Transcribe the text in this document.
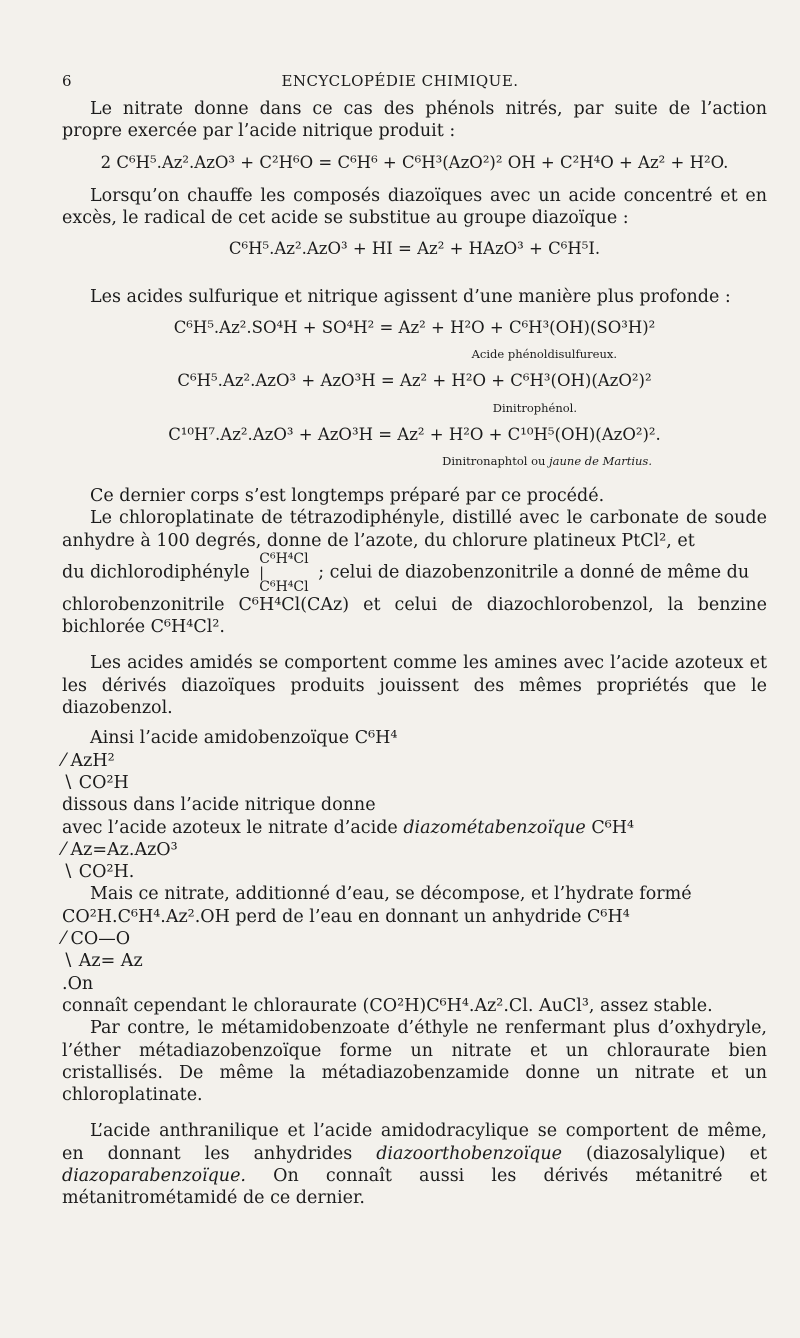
6	ENCYCLOPÉDIE CHIMIQUE.

Le nitrate donne dans ce cas des phénols nitrés, par suite de l’action propre exercée par l’acide nitrique produit :

2 C⁶H⁵.Az².AzO³ + C²H⁶O = C⁶H⁶ + C⁶H³(AzO²)² OH + C²H⁴O + Az² + H²O.

Lorsqu’on chauffe les composés diazoïques avec un acide concentré et en excès, le radical de cet acide se substitue au groupe diazoïque :

C⁶H⁵.Az².AzO³ + HI = Az² + HAzO³ + C⁶H⁵I.

Les acides sulfurique et nitrique agissent d’une manière plus profonde :

C⁶H⁵.Az².SO⁴H + SO⁴H² = Az² + H²O + C⁶H³(OH)(SO³H)²
Acide phénoldisulfureux.
C⁶H⁵.Az².AzO³ + AzO³H = Az² + H²O + C⁶H³(OH)(AzO²)²
Dinitrophénol.
C¹⁰H⁷.Az².AzO³ + AzO³H = Az² + H²O + C¹⁰H⁵(OH)(AzO²)².
Dinitronaphtol ou jaune de Martius.

Ce dernier corps s’est longtemps préparé par ce procédé.

Le chloroplatinate de tétrazodiphényle, distillé avec le carbonate de soude anhydre à 100 degrés, donne de l’azote, du chlorure platineux PtCl², et

du dichlorodiphényle
C⁶H⁴Cl
|
C⁶H⁴Cl
; celui de diazobenzonitrile a donné de même du

chlorobenzonitrile C⁶H⁴Cl(CAz) et celui de diazochlorobenzol, la benzine bichlorée C⁶H⁴Cl².

Les acides amidés se comportent comme les amines avec l’acide azoteux et les dérivés diazoïques produits jouissent des mêmes propriétés que le diazobenzol.

Ainsi l’acide amidobenzoïque C⁶H⁴

⁄ AzH²
∖ CO²H
dissous dans l’acide nitrique donne

avec l’acide azoteux le nitrate d’acide diazométabenzoïque C⁶H⁴

⁄ Az=Az.AzO³
∖ CO²H.

Mais ce nitrate, additionné d’eau, se décompose, et l’hydrate formé

CO²H.C⁶H⁴.Az².OH perd de l’eau en donnant un anhydride C⁶H⁴

⁄ CO—O
∖ Az= Az
.On

connaît cependant le chloraurate (CO²H)C⁶H⁴.Az².Cl. AuCl³, assez stable.

Par contre, le métamidobenzoate d’éthyle ne renfermant plus d’oxhydryle, l’éther métadiazobenzoïque forme un nitrate et un chloraurate bien cristallisés. De même la métadiazobenzamide donne un nitrate et un chloroplatinate.

L’acide anthranilique et l’acide amidodracylique se comportent de même, en donnant les anhydrides diazoorthobenzoïque (diazosalylique) et diazoparabenzoïque. On connaît aussi les dérivés métanitré et métanitrométamidé de ce dernier.
